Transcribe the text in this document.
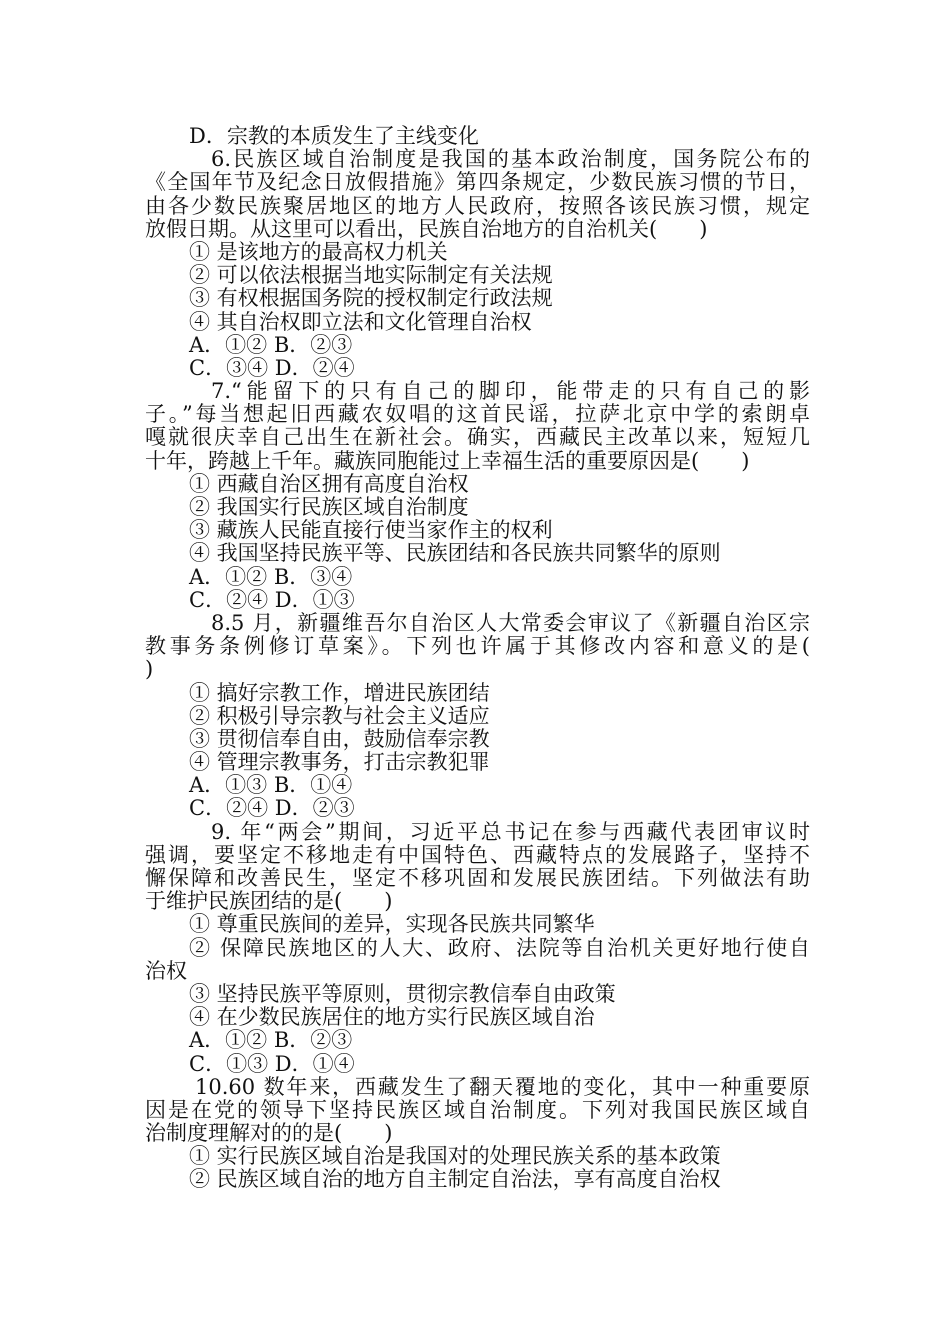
D．宗教的本质发生了主线变化
6.民族区域自治制度是我国的基本政治制度，国务院公布的
《全国年节及纪念日放假措施》第四条规定，少数民族习惯的节日，
由各少数民族聚居地区的地方人民政府，按照各该民族习惯，规定
放假日期。从这里可以看出，民族自治地方的自治机关(　　)
① 是该地方的最高权力机关
② 可以依法根据当地实际制定有关法规
③ 有权根据国务院的授权制定行政法规
④ 其自治权即立法和文化管理自治权
A．①② B．②③
C．③④ D．②④
7.“能留下的只有自己的脚印，能带走的只有自己的影
子。”每当想起旧西藏农奴唱的这首民谣，拉萨北京中学的索朗卓
嘎就很庆幸自己出生在新社会。确实，西藏民主改革以来，短短几
十年，跨越上千年。藏族同胞能过上幸福生活的重要原因是(　　)
① 西藏自治区拥有高度自治权
② 我国实行民族区域自治制度
③ 藏族人民能直接行使当家作主的权利
④ 我国坚持民族平等、民族团结和各民族共同繁华的原则
A．①② B．③④
C．②④ D．①③
8.5 月，新疆维吾尔自治区人大常委会审议了《新疆自治区宗
教事务条例修订草案》。下列也许属于其修改内容和意义的是(
)
① 搞好宗教工作，增进民族团结
② 积极引导宗教与社会主义适应
③ 贯彻信奉自由，鼓励信奉宗教
④ 管理宗教事务，打击宗教犯罪
A．①③ B．①④
C．②④ D．②③
9. 年“两会”期间，习近平总书记在参与西藏代表团审议时
强调，要坚定不移地走有中国特色、西藏特点的发展路子，坚持不
懈保障和改善民生，坚定不移巩固和发展民族团结。下列做法有助
于维护民族团结的是(　　)
① 尊重民族间的差异，实现各民族共同繁华
② 保障民族地区的人大、政府、法院等自治机关更好地行使自
治权
③ 坚持民族平等原则，贯彻宗教信奉自由政策
④ 在少数民族居住的地方实行民族区域自治
A．①② B．②③
C．①③ D．①④
10.60 数年来，西藏发生了翻天覆地的变化，其中一种重要原
因是在党的领导下坚持民族区域自治制度。下列对我国民族区域自
治制度理解对的的是(　　)
① 实行民族区域自治是我国对的处理民族关系的基本政策
② 民族区域自治的地方自主制定自治法，享有高度自治权
